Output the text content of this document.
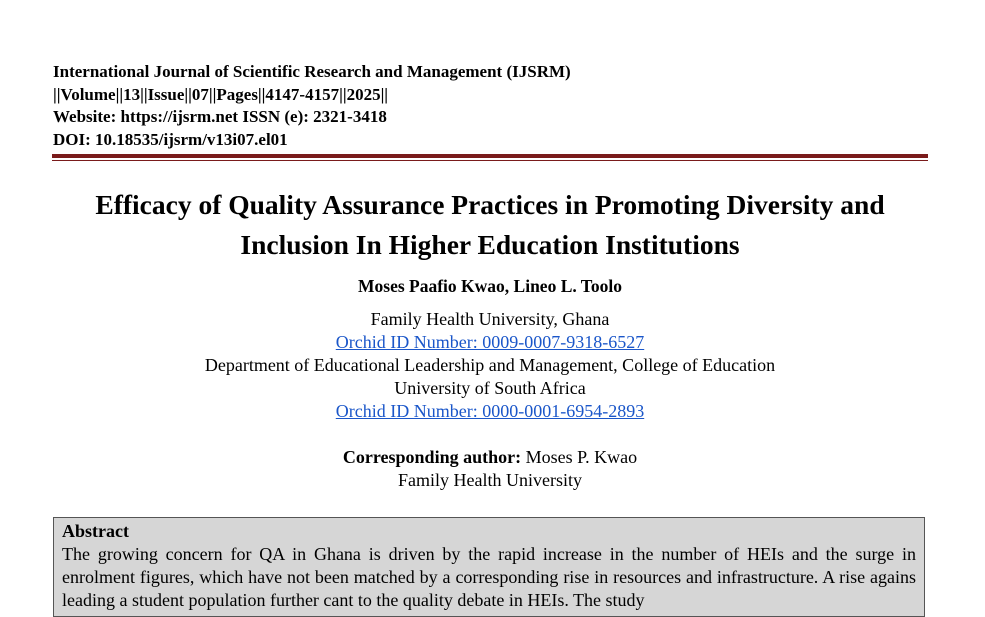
International Journal of Scientific Research and Management (IJSRM)
||Volume||13||Issue||07||Pages||4147-4157||2025||
Website: https://ijsrm.net ISSN (e): 2321-3418
DOI: 10.18535/ijsrm/v13i07.el01
Efficacy of Quality Assurance Practices in Promoting Diversity and
Inclusion In Higher Education Institutions
Moses Paafio Kwao, Lineo L. Toolo
Family Health University, Ghana
Orchid ID Number: 0009-0007-9318-6527
Department of Educational Leadership and Management, College of Education
University of South Africa
Orchid ID Number: 0000-0001-6954-2893
Corresponding author: Moses P. Kwao
Family Health University
Abstract
The growing concern for QA in Ghana is driven by the rapid increase in the number of HEIs and the surge in enrolment figures, which have not been matched by a corresponding rise in resources and infrastructure. A rise agains leading a student population further cant to the quality debate in HEIs. The study
